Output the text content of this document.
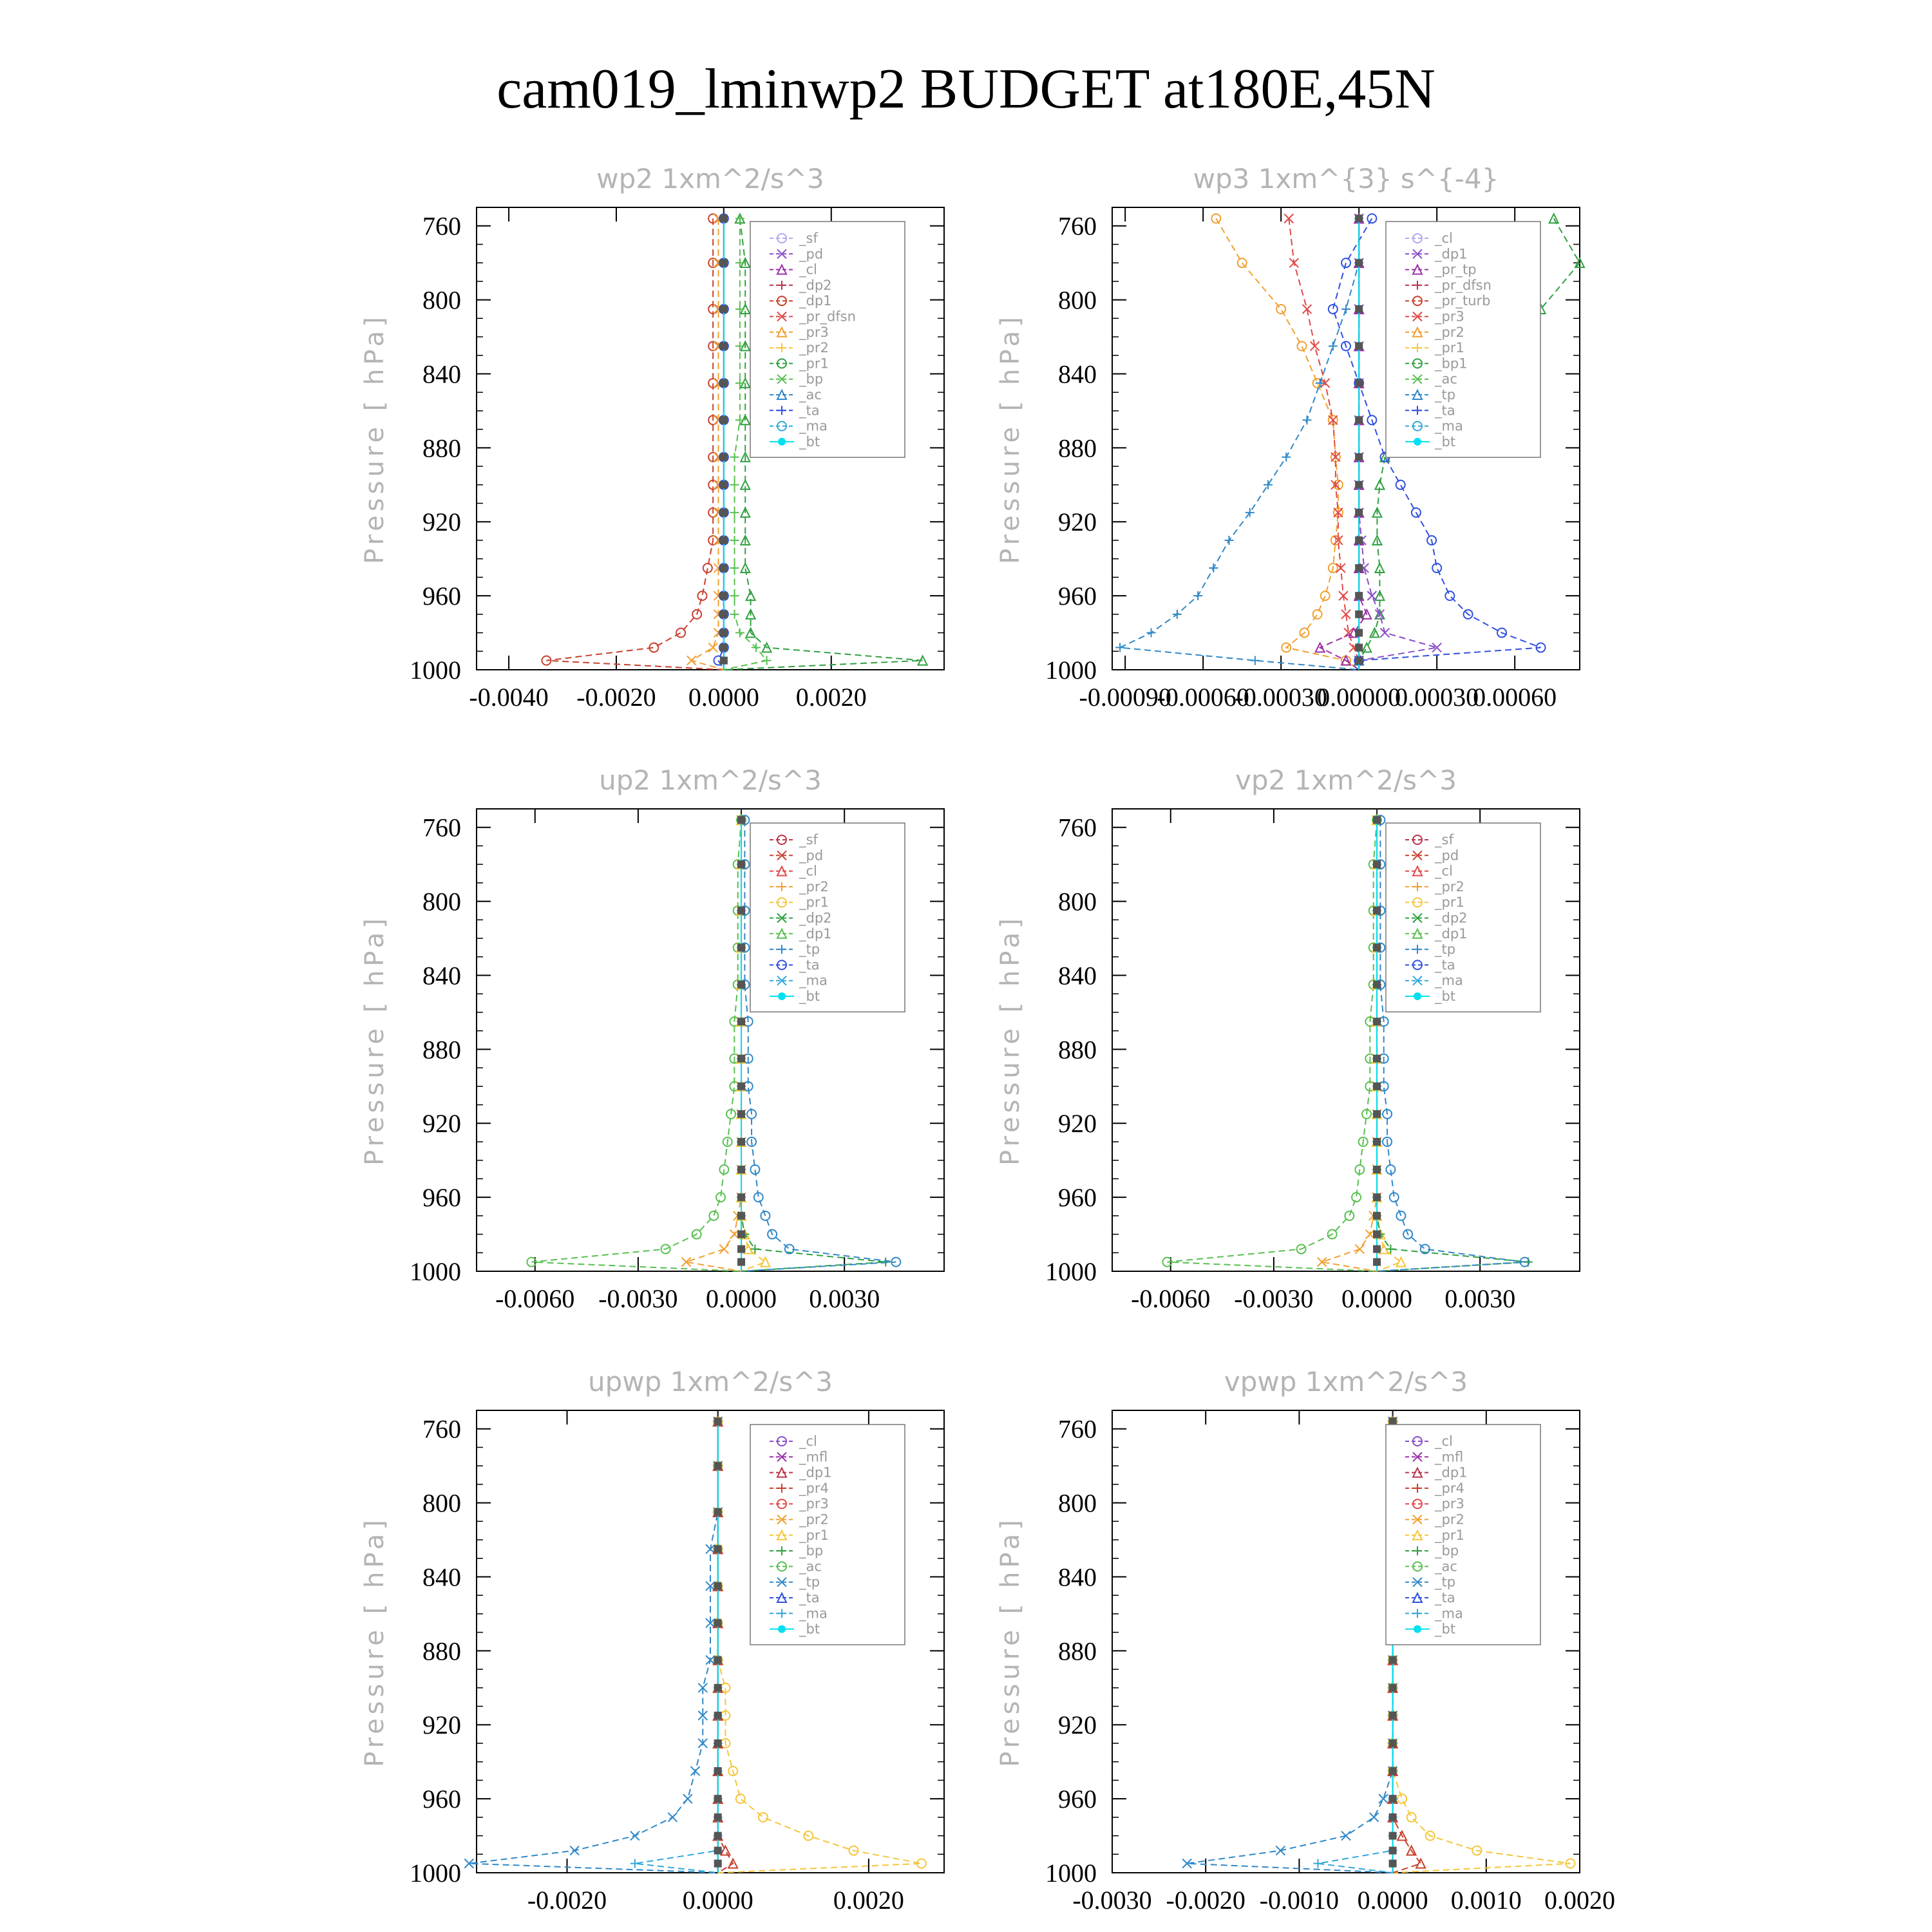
cam019_lminwp2 BUDGET at180E,45N
wp2 1xm^2/s^3
Pressure [ hPa]
760
800
840
880
920
960
1000
-0.0040 -0.0020 0.0000 0.0020
_sf
_pd
_cl
_dp2
_dp1
_pr_dfsn
_pr3
_pr2
_pr1
_bp
_ac
_ta
_ma
_bt
wp3 1xm^{3} s^{-4}
Pressure [ hPa]
760
800
840
880
920
960
1000
-0.00090
-0.00060
-0.00030
0.00000
0.00030
0.00060
_cl
_dp1
_pr_tp
_pr_dfsn
_pr_turb
_pr3
_pr2
_pr1
_bp1
_ac
_tp
_ta
_ma
_bt
up2 1xm^2/s^3
Pressure [ hPa]
760
800
840
880
920
960
1000
-0.0060 -0.0030 0.0000 0.0030
_sf
_pd
_cl
_pr2
_pr1
_dp2
_dp1
_tp
_ta
_ma
_bt
vp2 1xm^2/s^3
Pressure [ hPa]
760
800
840
880
920
960
1000
-0.0060 -0.0030 0.0000 0.0030
_sf
_pd
_cl
_pr2
_pr1
_dp2
_dp1
_tp
_ta
_ma
_bt
upwp 1xm^2/s^3
Pressure [ hPa]
760
800
840
880
920
960
1000
-0.0020	0.0000	0.0020
_cl
_mfl
_dp1
_pr4
_pr3
_pr2
_pr1
_bp
_ac
_tp
_ta
_ma
_bt
vpwp 1xm^2/s^3
Pressure [ hPa]
760
800
840
880
920
960
1000
-0.0030 -0.0020 -0.0010 0.0000 0.0010 0.0020
_cl
_mfl
_dp1
_pr4
_pr3
_pr2
_pr1
_bp
_ac
_tp
_ta
_ma
_bt
